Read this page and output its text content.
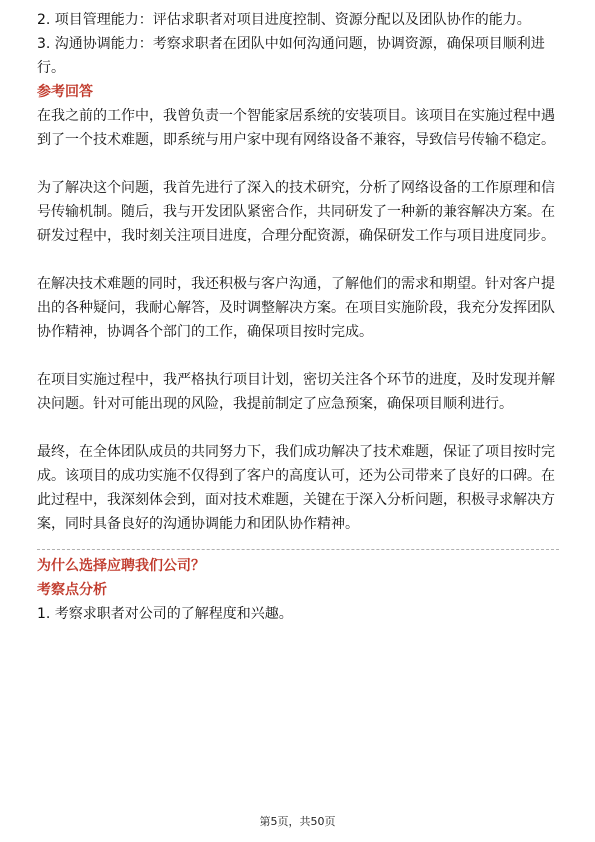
2. 项目管理能力：评估求职者对项目进度控制、资源分配以及团队协作的能力。

3. 沟通协调能力：考察求职者在团队中如何沟通问题，协调资源，确保项目顺利进行。

参考回答

在我之前的工作中，我曾负责一个智能家居系统的安装项目。该项目在实施过程中遇到了一个技术难题，即系统与用户家中现有网络设备不兼容，导致信号传输不稳定。

为了解决这个问题，我首先进行了深入的技术研究，分析了网络设备的工作原理和信号传输机制。随后，我与开发团队紧密合作，共同研发了一种新的兼容解决方案。在研发过程中，我时刻关注项目进度，合理分配资源，确保研发工作与项目进度同步。

在解决技术难题的同时，我还积极与客户沟通，了解他们的需求和期望。针对客户提出的各种疑问，我耐心解答，及时调整解决方案。在项目实施阶段，我充分发挥团队协作精神，协调各个部门的工作，确保项目按时完成。

在项目实施过程中，我严格执行项目计划，密切关注各个环节的进度，及时发现并解决问题。针对可能出现的风险，我提前制定了应急预案，确保项目顺利进行。

最终，在全体团队成员的共同努力下，我们成功解决了技术难题，保证了项目按时完成。该项目的成功实施不仅得到了客户的高度认可，还为公司带来了良好的口碑。在此过程中，我深刻体会到，面对技术难题，关键在于深入分析问题，积极寻求解决方案，同时具备良好的沟通协调能力和团队协作精神。

为什么选择应聘我们公司？

考察点分析

1. 考察求职者对公司的了解程度和兴趣。

第5页，共50页
